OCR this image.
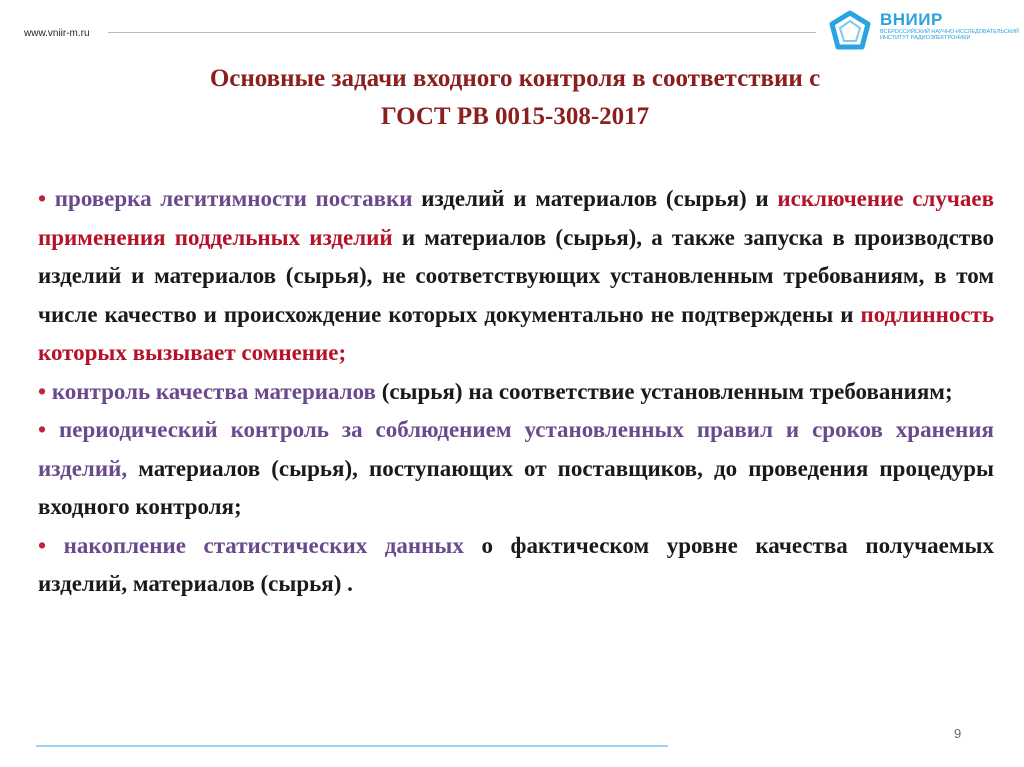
www.vniir-m.ru
ВНИИР
ВСЕРОССИЙСКИЙ НАУЧНО-ИССЛЕДОВАТЕЛЬСКИЙ ИНСТИТУТ РАДИОЭЛЕКТРОНИКИ
Основные задачи входного контроля в соответствии с
ГОСТ РВ 0015-308-2017

• проверка легитимности поставки изделий и материалов (сырья) и исключение случаев применения поддельных изделий и материалов (сырья), а также запуска в производство изделий и материалов (сырья), не соответствующих установленным требованиям, в том числе качество и происхождение которых документально не подтверждены и подлинность которых вызывает сомнение;

• контроль качества материалов (сырья) на соответствие установленным требованиям;

• периодический контроль за соблюдением установленных правил и сроков хранения изделий, материалов (сырья), поступающих от поставщиков, до проведения процедуры входного контроля;

• накопление статистических данных о фактическом уровне качества получаемых изделий, материалов (сырья) .

9
